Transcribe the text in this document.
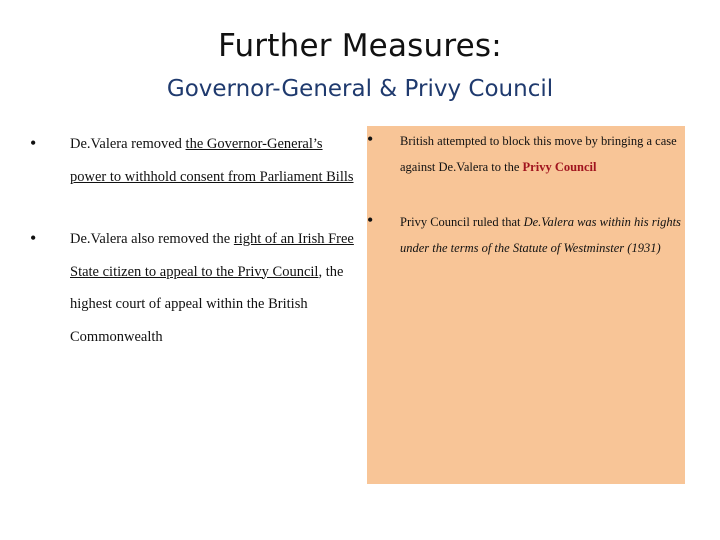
Further Measures:
Governor-General & Privy Council
• De.Valera removed the Governor-General’s power to withhold consent from Parliament Bills
• De.Valera also removed the right of an Irish Free State citizen to appeal to the Privy Council, the highest court of appeal within the British Commonwealth
• British attempted to block this move by bringing a case against De.Valera to the Privy Council
• Privy Council ruled that De.Valera was within his rights under the terms of the Statute of Westminster (1931)
